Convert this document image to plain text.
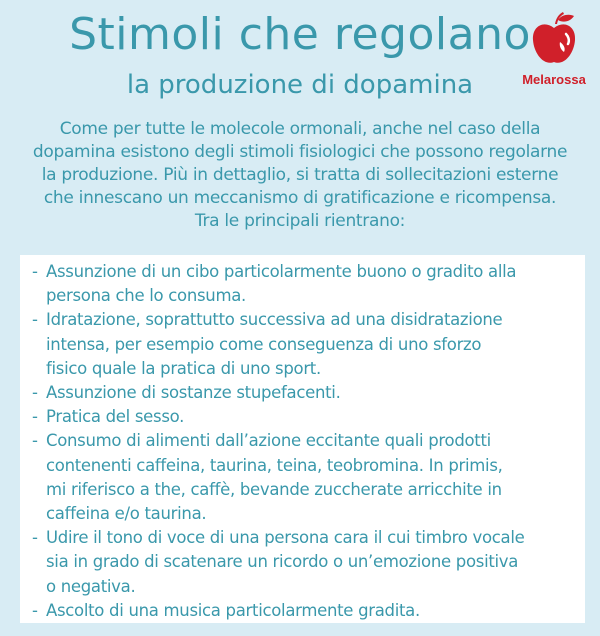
Stimoli che regolano
la produzione di dopamina	Melarossa
Come per tutte le molecole ormonali, anche nel caso della
dopamina esistono degli stimoli fisiologici che possono regolarne
la produzione. Più in dettaglio, si tratta di sollecitazioni esterne
che innescano un meccanismo di gratificazione e ricompensa.
Tra le principali rientrano:
- Assunzione di un cibo particolarmente buono o gradito alla
persona che lo consuma.
- Idratazione, soprattutto successiva ad una disidratazione
intensa, per esempio come conseguenza di uno sforzo
fisico quale la pratica di uno sport.
- Assunzione di sostanze stupefacenti.
- Pratica del sesso.
- Consumo di alimenti dall’azione eccitante quali prodotti
contenenti caffeina, taurina, teina, teobromina. In primis,
mi riferisco a the, caffè, bevande zuccherate arricchite in
caffeina e/o taurina.
- Udire il tono di voce di una persona cara il cui timbro vocale
sia in grado di scatenare un ricordo o un’emozione positiva
o negativa.
- Ascolto di una musica particolarmente gradita.
